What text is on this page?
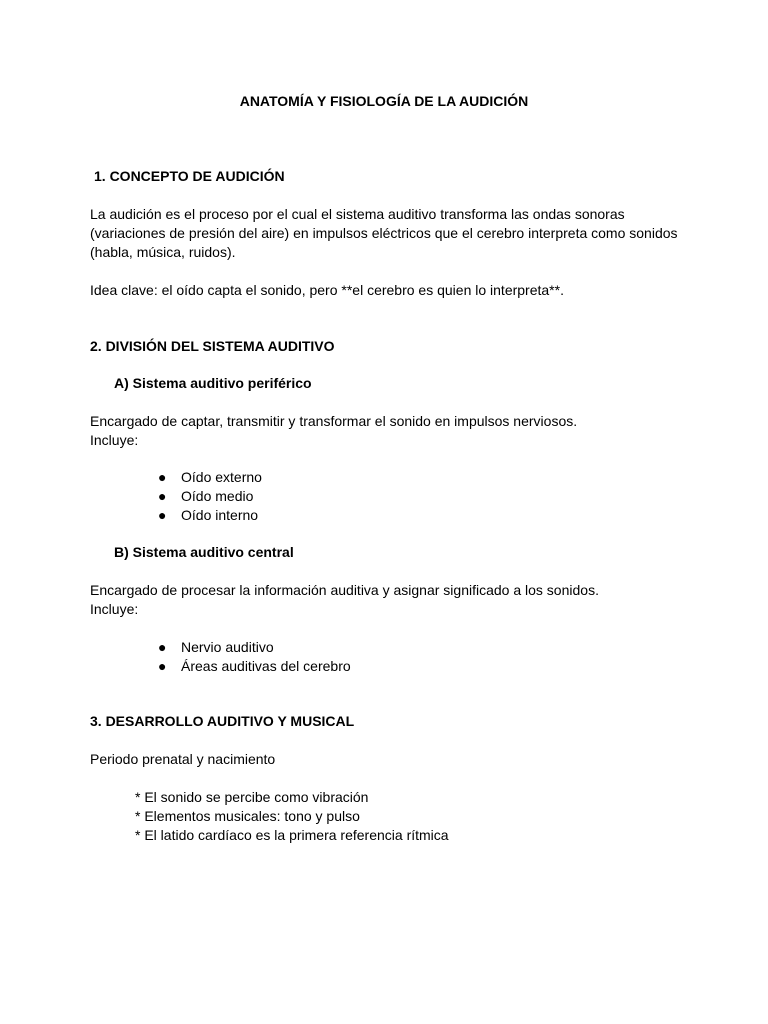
ANATOMÍA Y FISIOLOGÍA DE LA AUDICIÓN
1. CONCEPTO DE AUDICIÓN
La audición es el proceso por el cual el sistema auditivo transforma las ondas sonoras
(variaciones de presión del aire) en impulsos eléctricos que el cerebro interpreta como sonidos
(habla, música, ruidos).
Idea clave: el oído capta el sonido, pero **el cerebro es quien lo interpreta**.
2. DIVISIÓN DEL SISTEMA AUDITIVO
A) Sistema auditivo periférico
Encargado de captar, transmitir y transformar el sonido en impulsos nerviosos.
Incluye:
● Oído externo
● Oído medio
● Oído interno
B) Sistema auditivo central
Encargado de procesar la información auditiva y asignar significado a los sonidos.
Incluye:
● Nervio auditivo
● Áreas auditivas del cerebro
3. DESARROLLO AUDITIVO Y MUSICAL
Periodo prenatal y nacimiento
* El sonido se percibe como vibración
* Elementos musicales: tono y pulso
* El latido cardíaco es la primera referencia rítmica
